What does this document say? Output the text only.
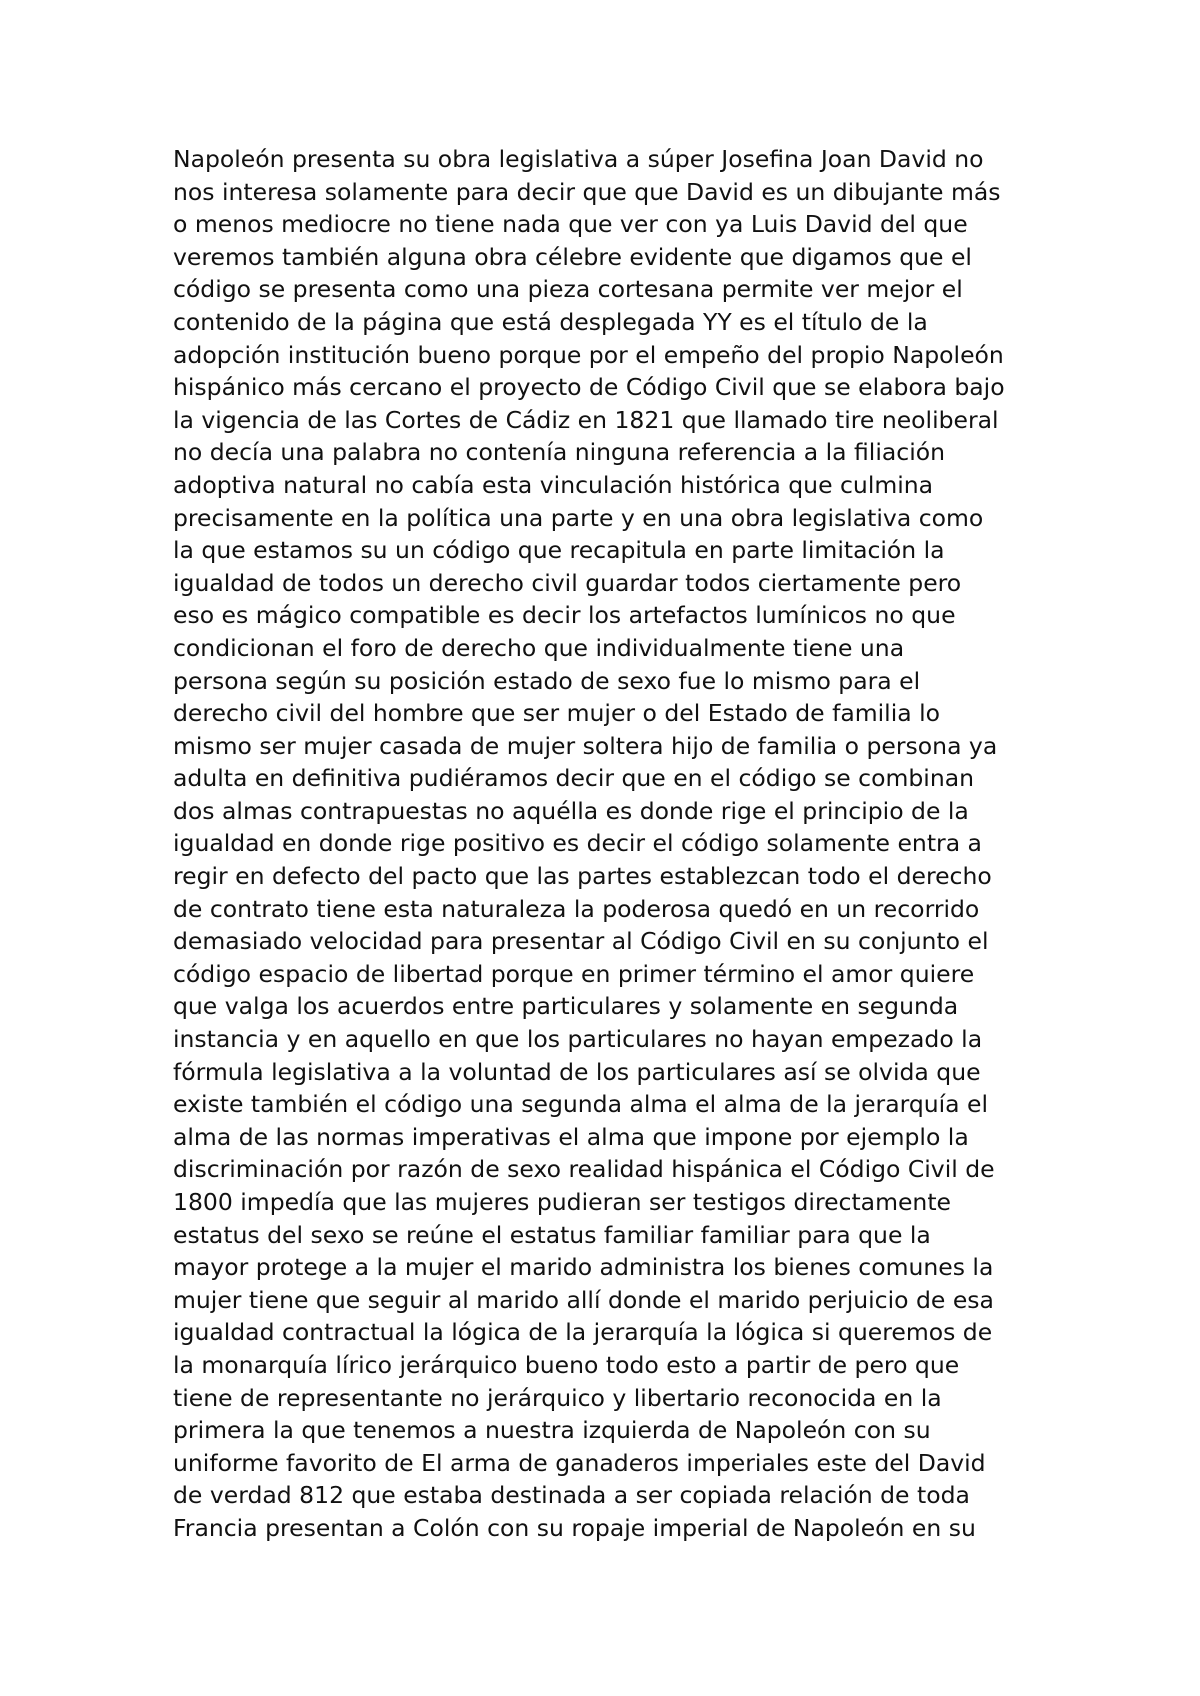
Napoleón presenta su obra legislativa a súper Josefina Joan David no
nos interesa solamente para decir que que David es un dibujante más
o menos mediocre no tiene nada que ver con ya Luis David del que
veremos también alguna obra célebre evidente que digamos que el
código se presenta como una pieza cortesana permite ver mejor el
contenido de la página que está desplegada YY es el título de la
adopción institución bueno porque por el empeño del propio Napoleón
hispánico más cercano el proyecto de Código Civil que se elabora bajo
la vigencia de las Cortes de Cádiz en 1821 que llamado tire neoliberal
no decía una palabra no contenía ninguna referencia a la filiación
adoptiva natural no cabía esta vinculación histórica que culmina
precisamente en la política una parte y en una obra legislativa como
la que estamos su un código que recapitula en parte limitación la
igualdad de todos un derecho civil guardar todos ciertamente pero
eso es mágico compatible es decir los artefactos lumínicos no que
condicionan el foro de derecho que individualmente tiene una
persona según su posición estado de sexo fue lo mismo para el
derecho civil del hombre que ser mujer o del Estado de familia lo
mismo ser mujer casada de mujer soltera hijo de familia o persona ya
adulta en definitiva pudiéramos decir que en el código se combinan
dos almas contrapuestas no aquélla es donde rige el principio de la
igualdad en donde rige positivo es decir el código solamente entra a
regir en defecto del pacto que las partes establezcan todo el derecho
de contrato tiene esta naturaleza la poderosa quedó en un recorrido
demasiado velocidad para presentar al Código Civil en su conjunto el
código espacio de libertad porque en primer término el amor quiere
que valga los acuerdos entre particulares y solamente en segunda
instancia y en aquello en que los particulares no hayan empezado la
fórmula legislativa a la voluntad de los particulares así se olvida que
existe también el código una segunda alma el alma de la jerarquía el
alma de las normas imperativas el alma que impone por ejemplo la
discriminación por razón de sexo realidad hispánica el Código Civil de
1800 impedía que las mujeres pudieran ser testigos directamente
estatus del sexo se reúne el estatus familiar familiar para que la
mayor protege a la mujer el marido administra los bienes comunes la
mujer tiene que seguir al marido allí donde el marido perjuicio de esa
igualdad contractual la lógica de la jerarquía la lógica si queremos de
la monarquía lírico jerárquico bueno todo esto a partir de pero que
tiene de representante no jerárquico y libertario reconocida en la
primera la que tenemos a nuestra izquierda de Napoleón con su
uniforme favorito de El arma de ganaderos imperiales este del David
de verdad 812 que estaba destinada a ser copiada relación de toda
Francia presentan a Colón con su ropaje imperial de Napoleón en su
